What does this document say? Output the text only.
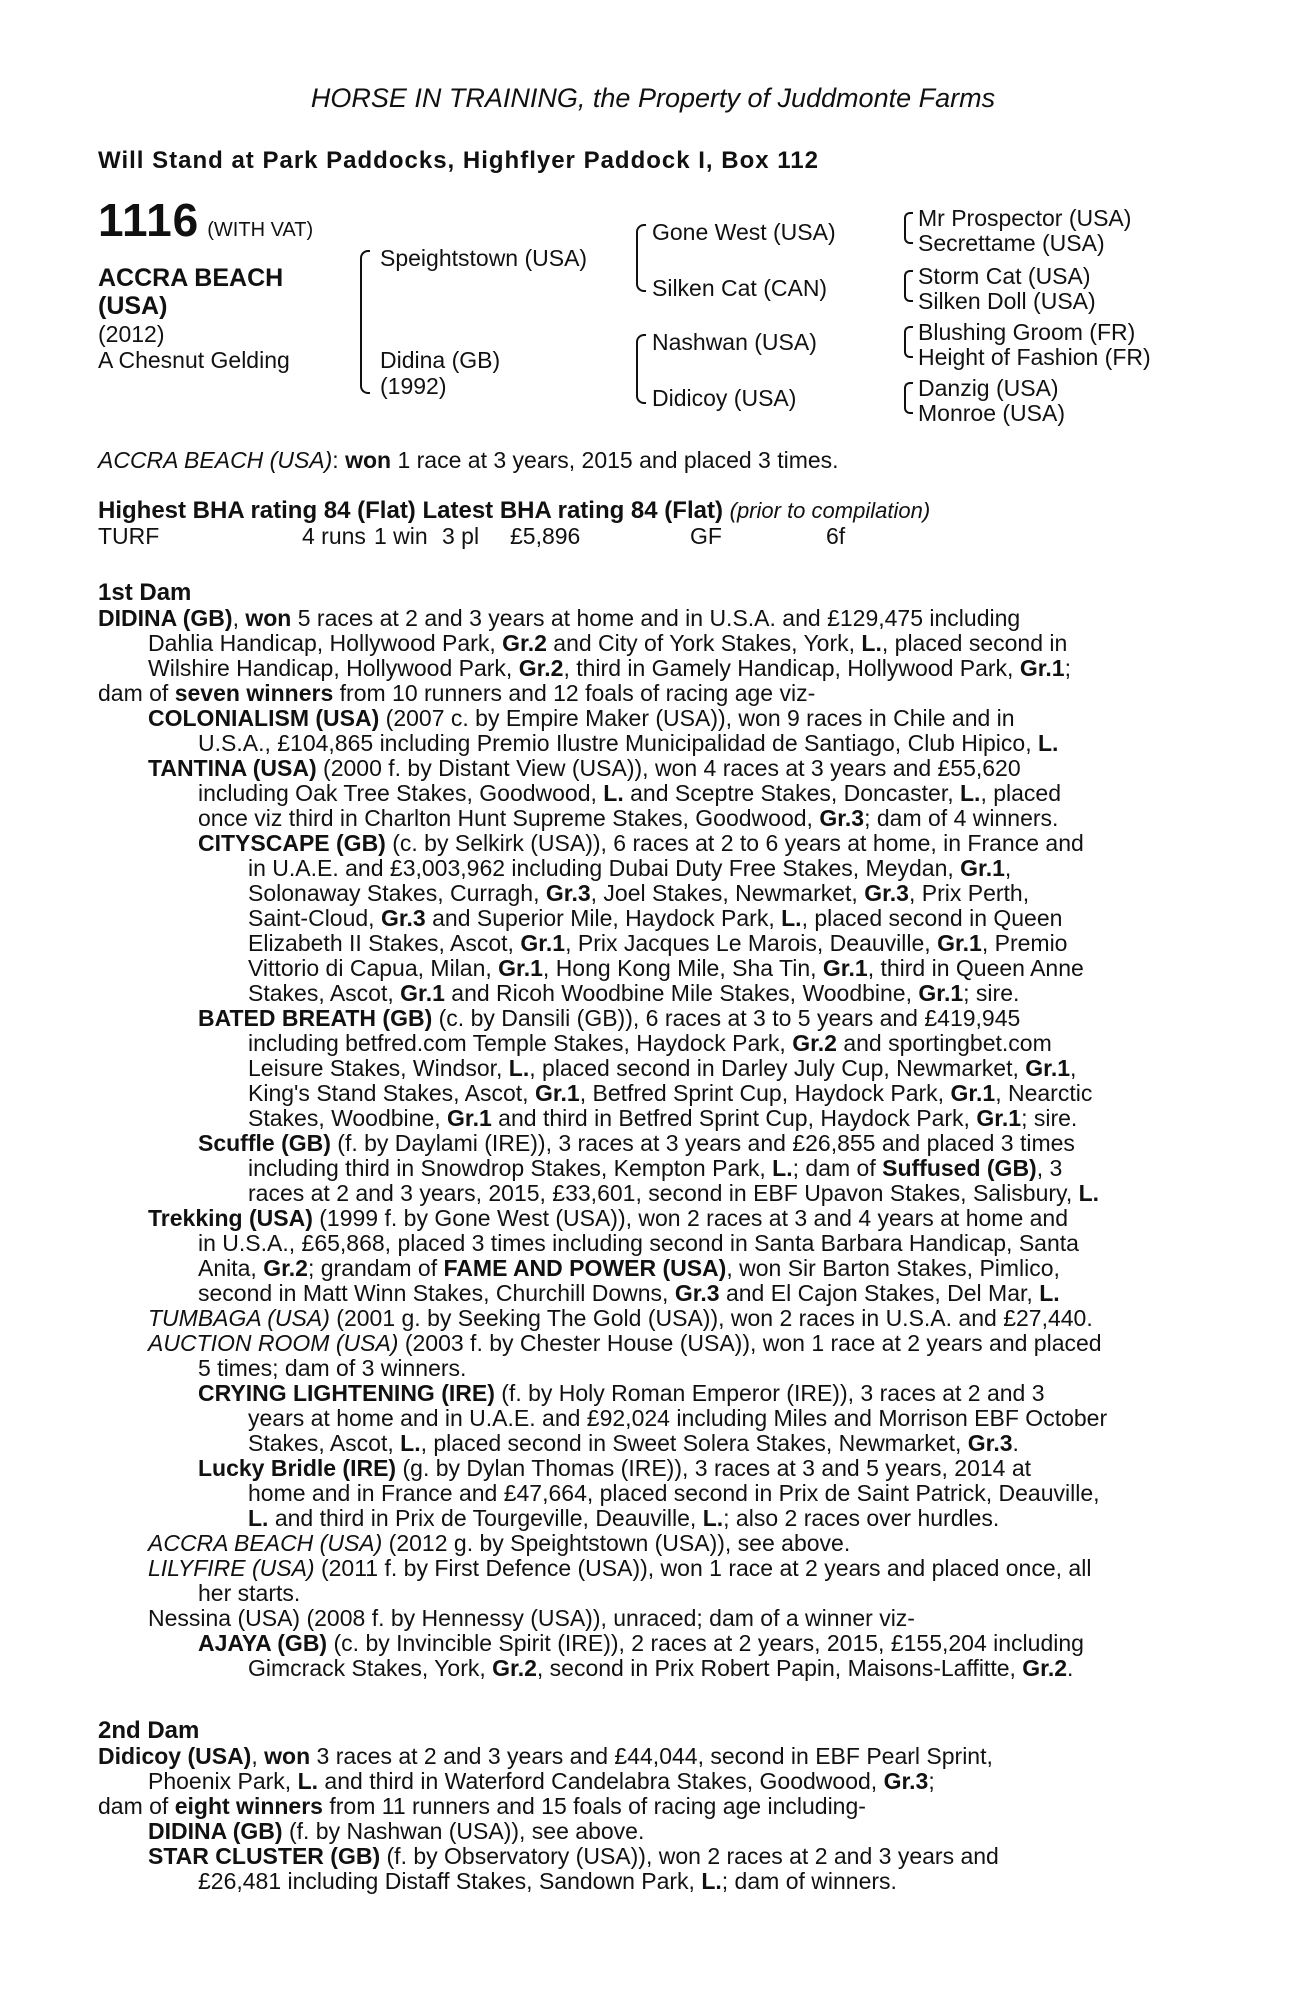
HORSE IN TRAINING, the Property of Juddmonte Farms
Will Stand at Park Paddocks, Highflyer Paddock I, Box 112
1116 (WITH VAT)
ACCRA BEACH
(USA)
(2012)
A Chesnut Gelding
Speightstown (USA)
Didina (GB)
(1992)
Gone West (USA)
Silken Cat (CAN)
Nashwan (USA)
Didicoy (USA)
Mr Prospector (USA)
Secrettame (USA)
Storm Cat (USA)
Silken Doll (USA)
Blushing Groom (FR)
Height of Fashion (FR)
Danzig (USA)
Monroe (USA)
ACCRA BEACH (USA): won 1 race at 3 years, 2015 and placed 3 times.
Highest BHA rating 84 (Flat) Latest BHA rating 84 (Flat) (prior to compilation)
TURF	4 runs 1 win 3 pl £5,896	GF	6f
1st Dam
DIDINA (GB), won 5 races at 2 and 3 years at home and in U.S.A. and £129,475 including
Dahlia Handicap, Hollywood Park, Gr.2 and City of York Stakes, York, L., placed second in
Wilshire Handicap, Hollywood Park, Gr.2, third in Gamely Handicap, Hollywood Park, Gr.1;
dam of seven winners from 10 runners and 12 foals of racing age viz-
COLONIALISM (USA) (2007 c. by Empire Maker (USA)), won 9 races in Chile and in
U.S.A., £104,865 including Premio Ilustre Municipalidad de Santiago, Club Hipico, L.
TANTINA (USA) (2000 f. by Distant View (USA)), won 4 races at 3 years and £55,620
including Oak Tree Stakes, Goodwood, L. and Sceptre Stakes, Doncaster, L., placed
once viz third in Charlton Hunt Supreme Stakes, Goodwood, Gr.3; dam of 4 winners.
CITYSCAPE (GB) (c. by Selkirk (USA)), 6 races at 2 to 6 years at home, in France and
in U.A.E. and £3,003,962 including Dubai Duty Free Stakes, Meydan, Gr.1,
Solonaway Stakes, Curragh, Gr.3, Joel Stakes, Newmarket, Gr.3, Prix Perth,
Saint-Cloud, Gr.3 and Superior Mile, Haydock Park, L., placed second in Queen
Elizabeth II Stakes, Ascot, Gr.1, Prix Jacques Le Marois, Deauville, Gr.1, Premio
Vittorio di Capua, Milan, Gr.1, Hong Kong Mile, Sha Tin, Gr.1, third in Queen Anne
Stakes, Ascot, Gr.1 and Ricoh Woodbine Mile Stakes, Woodbine, Gr.1; sire.
BATED BREATH (GB) (c. by Dansili (GB)), 6 races at 3 to 5 years and £419,945
including betfred.com Temple Stakes, Haydock Park, Gr.2 and sportingbet.com
Leisure Stakes, Windsor, L., placed second in Darley July Cup, Newmarket, Gr.1,
King's Stand Stakes, Ascot, Gr.1, Betfred Sprint Cup, Haydock Park, Gr.1, Nearctic
Stakes, Woodbine, Gr.1 and third in Betfred Sprint Cup, Haydock Park, Gr.1; sire.
Scuffle (GB) (f. by Daylami (IRE)), 3 races at 3 years and £26,855 and placed 3 times
including third in Snowdrop Stakes, Kempton Park, L.; dam of Suffused (GB), 3
races at 2 and 3 years, 2015, £33,601, second in EBF Upavon Stakes, Salisbury, L.
Trekking (USA) (1999 f. by Gone West (USA)), won 2 races at 3 and 4 years at home and
in U.S.A., £65,868, placed 3 times including second in Santa Barbara Handicap, Santa
Anita, Gr.2; grandam of FAME AND POWER (USA), won Sir Barton Stakes, Pimlico,
second in Matt Winn Stakes, Churchill Downs, Gr.3 and El Cajon Stakes, Del Mar, L.
TUMBAGA (USA) (2001 g. by Seeking The Gold (USA)), won 2 races in U.S.A. and £27,440.
AUCTION ROOM (USA) (2003 f. by Chester House (USA)), won 1 race at 2 years and placed
5 times; dam of 3 winners.
CRYING LIGHTENING (IRE) (f. by Holy Roman Emperor (IRE)), 3 races at 2 and 3
years at home and in U.A.E. and £92,024 including Miles and Morrison EBF October
Stakes, Ascot, L., placed second in Sweet Solera Stakes, Newmarket, Gr.3.
Lucky Bridle (IRE) (g. by Dylan Thomas (IRE)), 3 races at 3 and 5 years, 2014 at
home and in France and £47,664, placed second in Prix de Saint Patrick, Deauville,
L. and third in Prix de Tourgeville, Deauville, L.; also 2 races over hurdles.
ACCRA BEACH (USA) (2012 g. by Speightstown (USA)), see above.
LILYFIRE (USA) (2011 f. by First Defence (USA)), won 1 race at 2 years and placed once, all
her starts.
Nessina (USA) (2008 f. by Hennessy (USA)), unraced; dam of a winner viz-
AJAYA (GB) (c. by Invincible Spirit (IRE)), 2 races at 2 years, 2015, £155,204 including
Gimcrack Stakes, York, Gr.2, second in Prix Robert Papin, Maisons-Laffitte, Gr.2.
2nd Dam
Didicoy (USA), won 3 races at 2 and 3 years and £44,044, second in EBF Pearl Sprint,
Phoenix Park, L. and third in Waterford Candelabra Stakes, Goodwood, Gr.3;
dam of eight winners from 11 runners and 15 foals of racing age including-
DIDINA (GB) (f. by Nashwan (USA)), see above.
STAR CLUSTER (GB) (f. by Observatory (USA)), won 2 races at 2 and 3 years and
£26,481 including Distaff Stakes, Sandown Park, L.; dam of winners.
